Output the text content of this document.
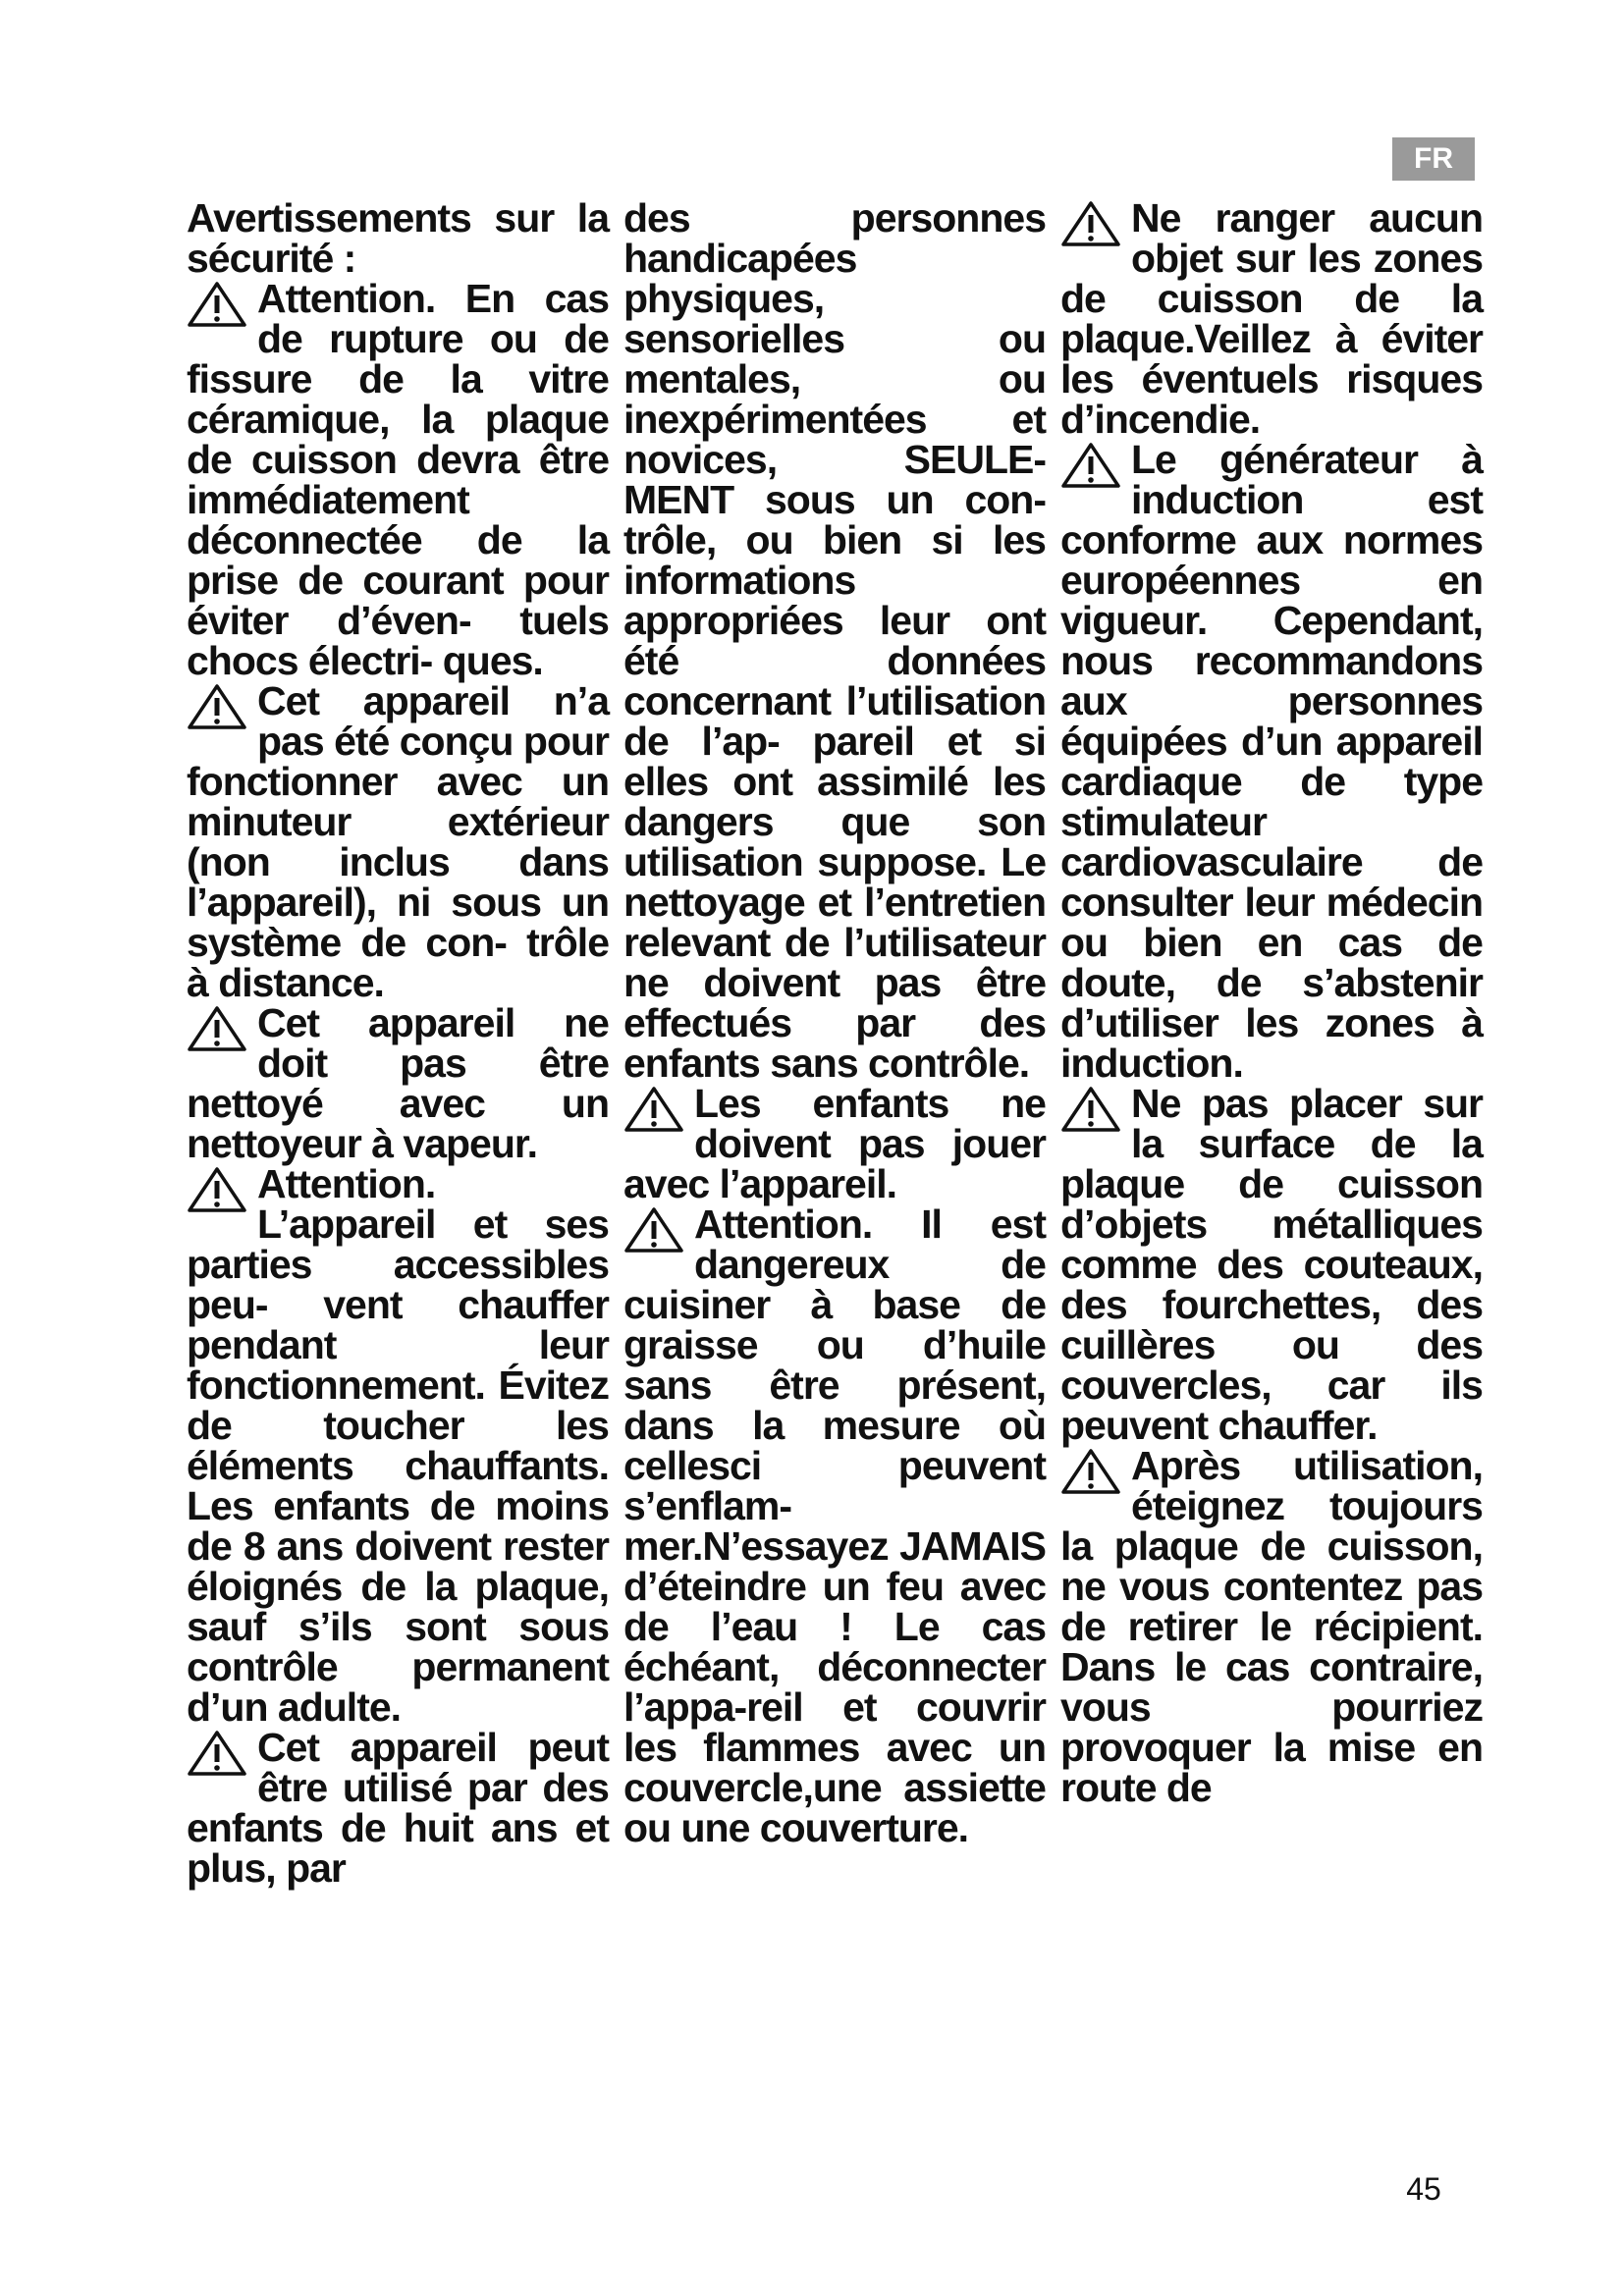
FR

Avertissements sur la sécurité :

Attention. En cas de rupture ou de fissure de la vitre céramique, la plaque de cuisson devra être immédiatement déconnectée de la prise de courant pour éviter d’éven- tuels chocs électri- ques.

Cet appareil n’a pas été conçu pour fonctionner avec un minuteur extérieur (non inclus dans l’appareil), ni sous un système de con- trôle à distance.

Cet appareil ne doit pas être nettoyé avec un nettoyeur à vapeur.

Attention. L’appareil et ses parties accessibles peu- vent chauffer pendant leur fonctionnement. Évitez de toucher les éléments chauffants. Les enfants de moins de 8 ans doivent rester éloignés de la plaque, sauf s’ils sont sous contrôle permanent d’un adulte.

Cet appareil peut être utilisé par des enfants de huit ans et plus, par

des personnes handicapées physiques, sensorielles ou mentales, ou inexpérimentées et novices, SEULE- MENT sous un con- trôle, ou bien si les informations appropriées leur ont été données concernant l’utilisation de l’ap- pareil et si elles ont assimilé les dangers que son utilisation suppose. Le nettoyage et l’entretien relevant de l’utilisateur ne doivent pas être effectués par des enfants sans contrôle.

Les enfants ne doivent pas jouer avec l’appareil.

Attention. Il est dangereux de cuisiner à base de graisse ou d’huile sans être présent, dans la mesure où cellesci peuvent s’enflam- mer.N’essayez JAMAIS d’éteindre un feu avec de l’eau ! Le cas échéant, déconnecter l’appa-reil et couvrir les flammes avec un couvercle,une assiette ou une couverture.

Ne ranger aucun objet sur les zones de cuisson de la plaque.Veillez à éviter les éventuels risques d’incendie.

Le générateur à induction est conforme aux normes européennes en vigueur. Cependant, nous recommandons aux personnes équipées d’un appareil cardiaque de type stimulateur cardiovasculaire de consulter leur médecin ou bien en cas de doute, de s’abstenir d’utiliser les zones à induction.

Ne pas placer sur la surface de la plaque de cuisson d’objets métalliques comme des couteaux, des fourchettes, des cuillères ou des couvercles, car ils peuvent chauffer.

Après utilisation, éteignez toujours la plaque de cuisson, ne vous contentez pas de retirer le récipient. Dans le cas contraire, vous pourriez provoquer la mise en route de

45
